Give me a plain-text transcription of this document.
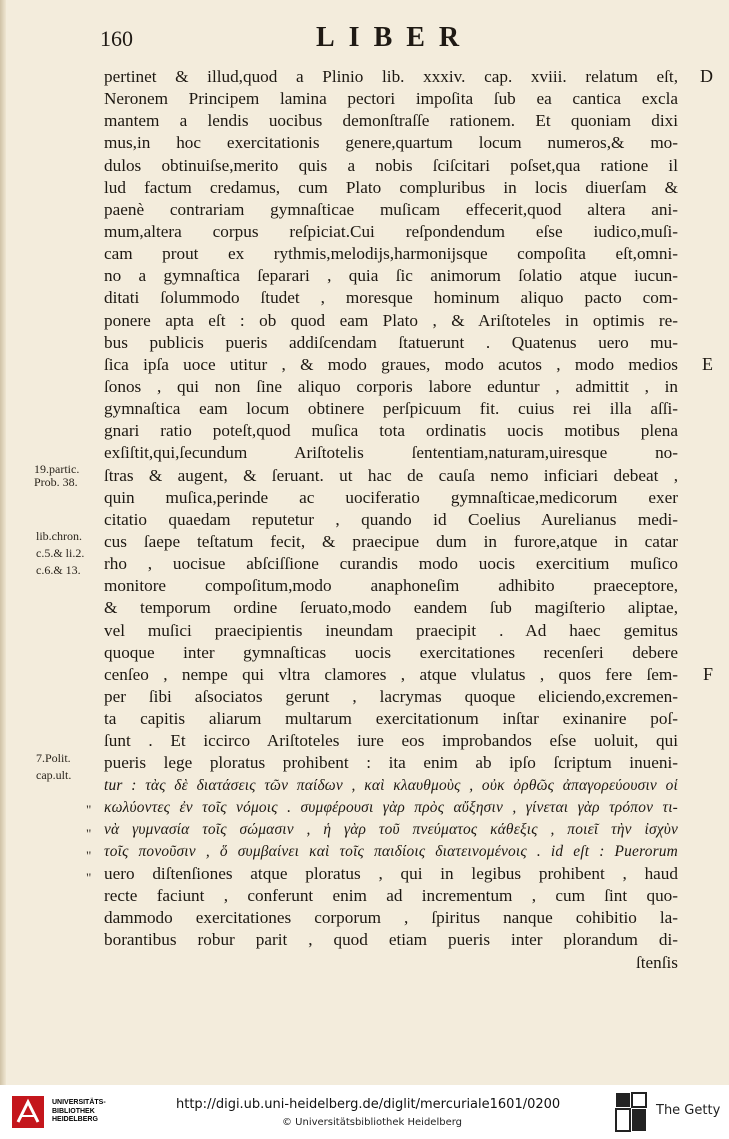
160	LIBER
pertinet & illud,quod a Plinio lib. xxxiv. cap. xviii. relatum eſt,
Neronem Principem lamina pectori impoſita ſub ea cantica excla
mantem a lendis uocibus demonſtraſſe rationem. Et quoniam dixi
mus,in hoc exercitationis genere,quartum locum numeros,& mo-
dulos obtinuiſse,merito quis a nobis ſciſcitari poſset,qua ratione il
lud factum credamus, cum Plato compluribus in locis diuerſam &
paenè contrariam gymnaſticae muſicam effecerit,quod altera ani-
mum,altera corpus reſpiciat.Cui reſpondendum eſse iudico,muſi-
cam prout ex rythmis,melodijs,harmonijsque compoſita eſt,omni-
no a gymnaſtica ſeparari , quia ſic animorum ſolatio atque iucun-
ditati ſolummodo ſtudet , moresque hominum aliquo pacto com-
ponere apta eſt : ob quod eam Plato , & Ariſtoteles in optimis re-
bus publicis pueris addiſcendam ſtatuerunt . Quatenus uero mu-
ſica ipſa uoce utitur , & modo graues, modo acutos , modo medios
ſonos , qui non ſine aliquo corporis labore eduntur , admittit , in
gymnaſtica eam locum obtinere perſpicuum fit. cuius rei illa aſſi-
gnari ratio poteſt,quod muſica tota ordinatis uocis motibus plena
exſiſtit,qui,ſecundum Ariſtotelis ſententiam,naturam,uiresque no-
ſtras & augent, & ſeruant. ut hac de cauſa nemo inficiari debeat ,
quin muſica,perinde ac uociferatio gymnaſticae,medicorum exer
citatio quaedam reputetur , quando id Coelius Aurelianus medi-
cus ſaepe teſtatum fecit, & praecipue dum in furore,atque in catar
rho , uocisue abſciſſione curandis modo uocis exercitium muſico
monitore compoſitum,modo anaphoneſim adhibito praeceptore,
& temporum ordine ſeruato,modo eandem ſub magiſterio aliptae,
vel muſici praecipientis ineundam praecipit . Ad haec gemitus
quoque inter gymnaſticas uocis exercitationes recenſeri debere
cenſeo , nempe qui vltra clamores , atque vlulatus , quos fere ſem-
per ſibi aſsociatos gerunt , lacrymas quoque eliciendo,excremen-
ta capitis aliarum multarum exercitationum inſtar exinanire poſ-
ſunt . Et iccirco Ariſtoteles iure eos improbandos eſse uoluit, qui
pueris lege ploratus prohibent : ita enim ab ipſo ſcriptum inueni-
tur : τὰς δὲ διατάσεις τῶν παίδων , καὶ κλαυθμοὺς , οὐκ ὀρθῶς ἀπαγορεύουσιν οἱ
κωλύοντες ἐν τοῖς νόμοις . συμφέρουσι γὰρ πρὸς αὔξησιν , γίνεται γὰρ τρόπον τι-
νὰ γυμνασία τοῖς σώμασιν , ἡ γὰρ τοῦ πνεύματος κάθεξις , ποιεῖ τὴν ἰσχὺν
τοῖς πονοῦσιν , ὅ συμβαίνει καὶ τοῖς παιδίοις διατεινομένοις . id eſt : Puerorum
uero diſtenſiones atque ploratus , qui in legibus prohibent , haud
recte faciunt , conferunt enim ad incrementum , cum ſint quo-
dammodo exercitationes corporum , ſpiritus nanque cohibitio la-
borantibus robur parit , quod etiam pueris inter plorandum di-
ſtenſis
19.partic.
Prob. 38.
lib.chron.
c.5.& li.2.
c.6.& 13.
7.Polit.
cap.ult.
"
"
"
"
D
E
F
UNIVERSITÄTS-
BIBLIOTHEK
HEIDELBERG
http://digi.ub.uni-heidelberg.de/diglit/mercuriale1601/0200
© Universitätsbibliothek Heidelberg
The Getty
